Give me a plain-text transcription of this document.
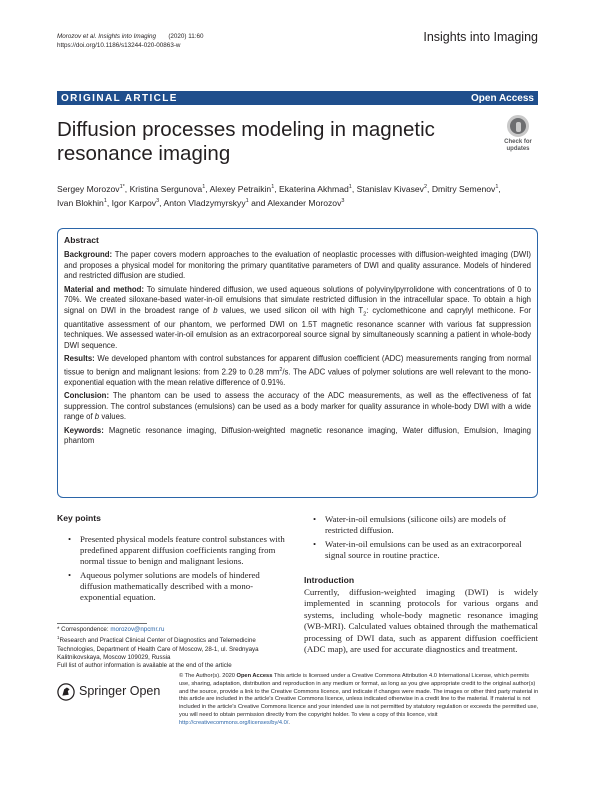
Morozov et al. Insights into Imaging (2020) 11:60
https://doi.org/10.1186/s13244-020-00863-w
Insights into Imaging
ORIGINAL ARTICLE	Open Access
Diffusion processes modeling in magnetic resonance imaging	Check for
updates
Sergey Morozov$^{1*}$, Kristina Sergunova$^1$, Alexey Petraikin$^1$, Ekaterina Akhmad$^1$, Stanislav Kivasev$^2$, Dmitry Semenov$^1$,
Ivan Blokhin$^1$, Igor Karpov$^3$, Anton Vladzymyrskyy$^1$ and Alexander Morozov$^3$
Abstract

Background: The paper covers modern approaches to the evaluation of neoplastic processes with diffusion-weighted imaging (DWI) and proposes a physical model for monitoring the primary quantitative parameters of DWI and quality assurance. Models of hindered and restricted diffusion are studied.

Material and method: To simulate hindered diffusion, we used aqueous solutions of polyvinylpyrrolidone with concentrations of 0 to 70%. We created siloxane-based water-in-oil emulsions that simulate restricted diffusion in the intracellular space. To obtain a high signal on DWI in the broadest range of b values, we used silicon oil with high $T_2$: cyclomethicone and caprylyl methicone. For quantitative assessment of our phantom, we performed DWI on 1.5T magnetic resonance scanner with various fat suppression techniques. We assessed water-in-oil emulsion as an extracorporeal source signal by simultaneously scanning a patient in whole-body DWI sequence.

Results: We developed phantom with control substances for apparent diffusion coefficient (ADC) measurements ranging from normal tissue to benign and malignant lesions: from 2.29 to 0.28 $mm^2/s$. The ADC values of polymer solutions are well relevant to the mono-exponential equation with the mean relative difference of 0.91%.

Conclusion: The phantom can be used to assess the accuracy of the ADC measurements, as well as the effectiveness of fat suppression. The control substances (emulsions) can be used as a body marker for quality assurance in whole-body DWI with a wide range of b values.

Keywords: Magnetic resonance imaging, Diffusion-weighted magnetic resonance imaging, Water diffusion, Emulsion, Imaging phantom

Key points
• Presented physical models feature control substances with predefined apparent diffusion coefficients ranging from normal tissue to benign and malignant lesions.
• Aqueous polymer solutions are models of hindered diffusion mathematically described with a mono-exponential equation.
• Water-in-oil emulsions (silicone oils) are models of restricted diffusion.
• Water-in-oil emulsions can be used as an extracorporeal signal source in routine practice.
Introduction

Currently, diffusion-weighted imaging (DWI) is widely implemented in scanning protocols for various organs and systems, including whole-body magnetic resonance imaging (WB-MRI). Calculated values obtained through the mathematical processing of DWI data, such as apparent diffusion coefficient (ADC map), are used for accurate diagnostics and treatment.

* Correspondence: morozov@npcmr.ru
$^1$Research and Practical Clinical Center of Diagnostics and Telemedicine Technologies, Department of Health Care of Moscow, 28-1, ul. Srednyaya Kalitnikovskaya, Moscow 109029, Russia
Full list of author information is available at the end of the article
Springer Open
© The Author(s). 2020 Open Access This article is licensed under a Creative Commons Attribution 4.0 International License, which permits use, sharing, adaptation, distribution and reproduction in any medium or format, as long as you give appropriate credit to the original author(s) and the source, provide a link to the Creative Commons licence, and indicate if changes were made. The images or other third party material in this article are included in the article's Creative Commons licence, unless indicated otherwise in a credit line to the material. If material is not included in the article's Creative Commons licence and your intended use is not permitted by statutory regulation or exceeds the permitted use, you will need to obtain permission directly from the copyright holder. To view a copy of this licence, visit http://creativecommons.org/licenses/by/4.0/.
